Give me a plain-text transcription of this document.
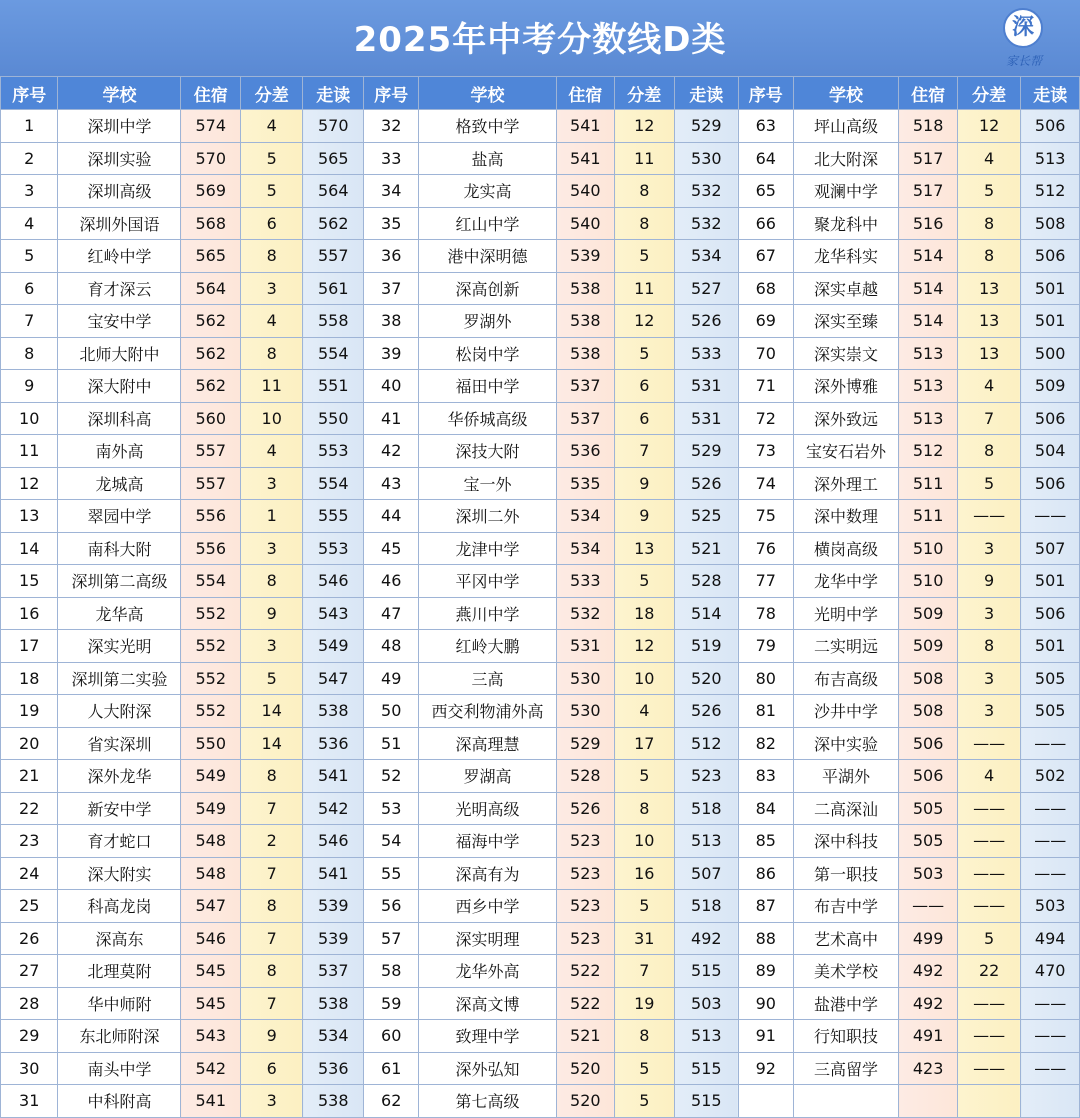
2025年中考分数线D类	深
家长帮
序号	学校	住宿	分差	走读	序号	学校	住宿	分差	走读	序号	学校	住宿	分差	走读
1	深圳中学	574	4	570	32	格致中学	541	12	529	63	坪山高级	518	12	506
2	深圳实验	570	5	565	33	盐高	541	11	530	64	北大附深	517	4	513
3	深圳高级	569	5	564	34	龙实高	540	8	532	65	观澜中学	517	5	512
4	深圳外国语	568	6	562	35	红山中学	540	8	532	66	聚龙科中	516	8	508
5	红岭中学	565	8	557	36	港中深明德	539	5	534	67	龙华科实	514	8	506
6	育才深云	564	3	561	37	深高创新	538	11	527	68	深实卓越	514	13	501
7	宝安中学	562	4	558	38	罗湖外	538	12	526	69	深实至臻	514	13	501
8	北师大附中	562	8	554	39	松岗中学	538	5	533	70	深实崇文	513	13	500
9	深大附中	562	11	551	40	福田中学	537	6	531	71	深外博雅	513	4	509
10	深圳科高	560	10	550	41	华侨城高级	537	6	531	72	深外致远	513	7	506
11	南外高	557	4	553	42	深技大附	536	7	529	73	宝安石岩外	512	8	504
12	龙城高	557	3	554	43	宝一外	535	9	526	74	深外理工	511	5	506
13	翠园中学	556	1	555	44	深圳二外	534	9	525	75	深中数理	511	——	——
14	南科大附	556	3	553	45	龙津中学	534	13	521	76	横岗高级	510	3	507
15	深圳第二高级	554	8	546	46	平冈中学	533	5	528	77	龙华中学	510	9	501
16	龙华高	552	9	543	47	燕川中学	532	18	514	78	光明中学	509	3	506
17	深实光明	552	3	549	48	红岭大鹏	531	12	519	79	二实明远	509	8	501
18	深圳第二实验	552	5	547	49	三高	530	10	520	80	布吉高级	508	3	505
19	人大附深	552	14	538	50	西交利物浦外高	530	4	526	81	沙井中学	508	3	505
20	省实深圳	550	14	536	51	深高理慧	529	17	512	82	深中实验	506	——	——
21	深外龙华	549	8	541	52	罗湖高	528	5	523	83	平湖外	506	4	502
22	新安中学	549	7	542	53	光明高级	526	8	518	84	二高深汕	505	——	——
23	育才蛇口	548	2	546	54	福海中学	523	10	513	85	深中科技	505	——	——
24	深大附实	548	7	541	55	深高有为	523	16	507	86	第一职技	503	——	——
25	科高龙岗	547	8	539	56	西乡中学	523	5	518	87	布吉中学	——	——	503
26	深高东	546	7	539	57	深实明理	523	31	492	88	艺术高中	499	5	494
27	北理莫附	545	8	537	58	龙华外高	522	7	515	89	美术学校	492	22	470
28	华中师附	545	7	538	59	深高文博	522	19	503	90	盐港中学	492	——	——
29	东北师附深	543	9	534	60	致理中学	521	8	513	91	行知职技	491	——	——
30	南头中学	542	6	536	61	深外弘知	520	5	515	92	三高留学	423	——	——
31	中科附高	541	3	538	62	第七高级	520	5	515					
